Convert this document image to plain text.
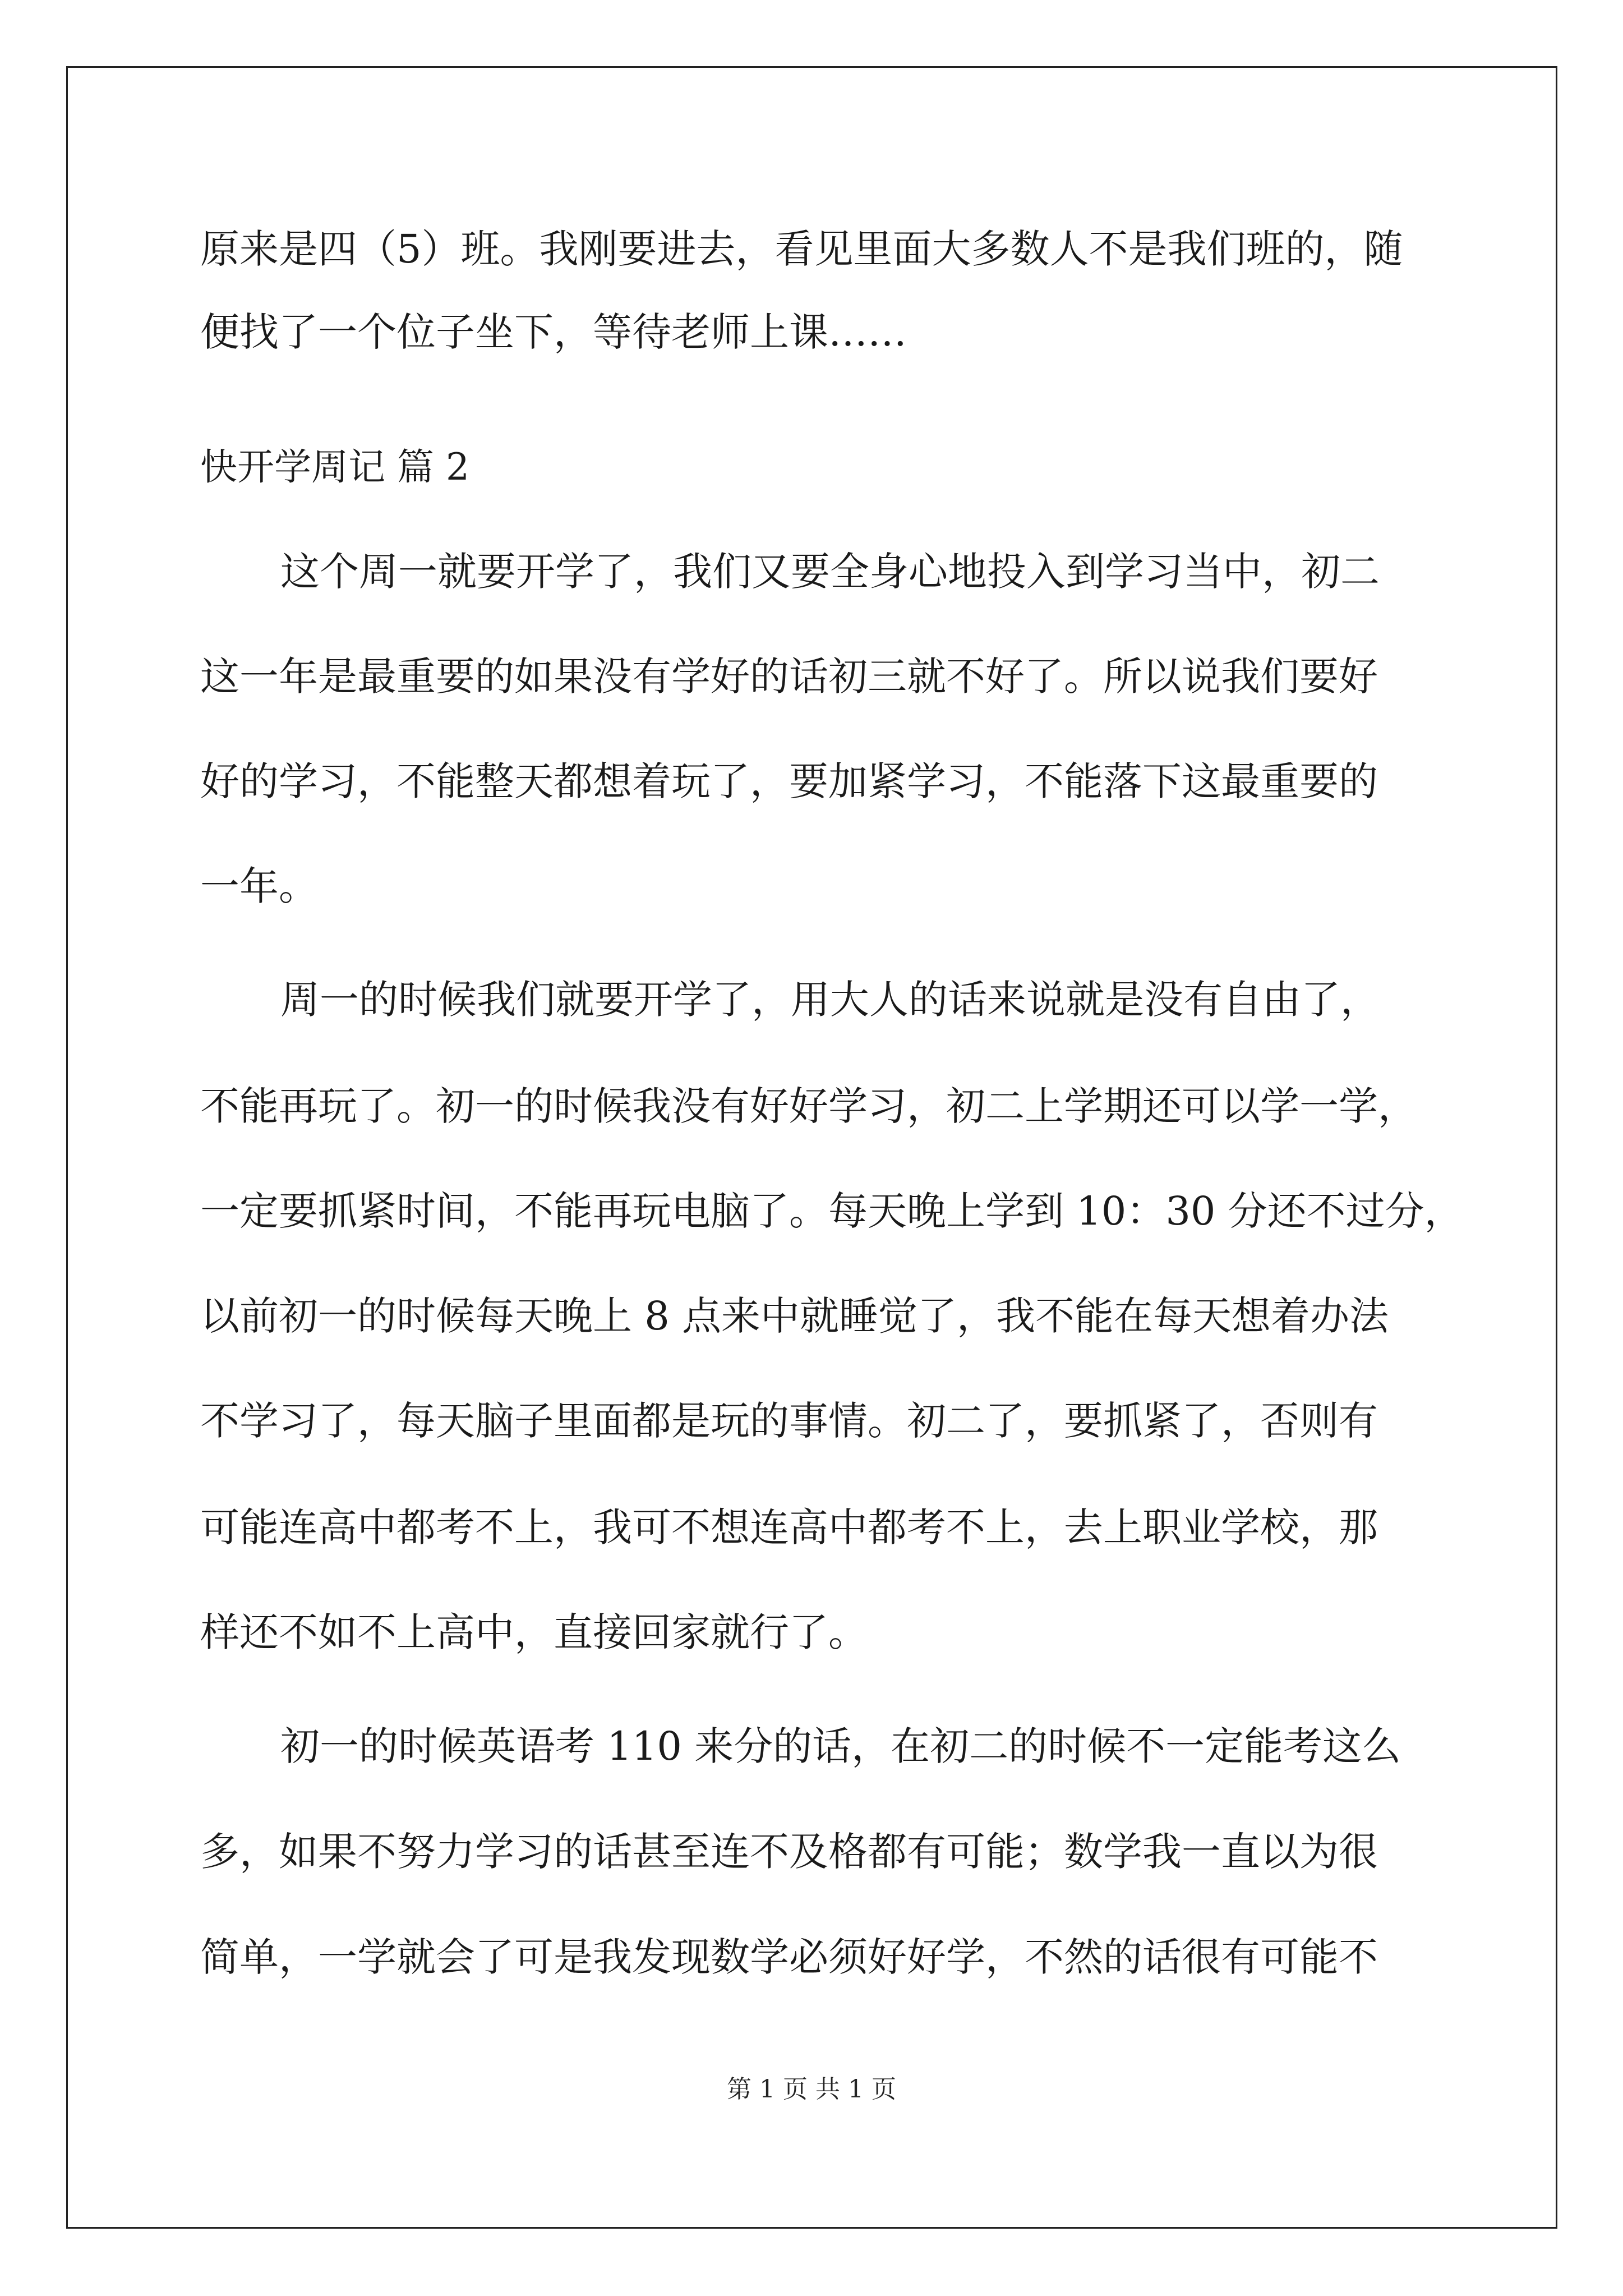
原来是四（5）班。我刚要进去，看见里面大多数人不是我们班的，随
便找了一个位子坐下，等待老师上课……
快开学周记 篇 2
这个周一就要开学了，我们又要全身心地投入到学习当中，初二
这一年是最重要的如果没有学好的话初三就不好了。所以说我们要好
好的学习，不能整天都想着玩了，要加紧学习，不能落下这最重要的
一年。
周一的时候我们就要开学了，用大人的话来说就是没有自由了，
不能再玩了。初一的时候我没有好好学习，初二上学期还可以学一学，
一定要抓紧时间，不能再玩电脑了。每天晚上学到 10：30 分还不过分，
以前初一的时候每天晚上 8 点来中就睡觉了，我不能在每天想着办法
不学习了，每天脑子里面都是玩的事情。初二了，要抓紧了，否则有
可能连高中都考不上，我可不想连高中都考不上，去上职业学校，那
样还不如不上高中，直接回家就行了。
初一的时候英语考 110 来分的话，在初二的时候不一定能考这么
多，如果不努力学习的话甚至连不及格都有可能；数学我一直以为很
简单，一学就会了可是我发现数学必须好好学，不然的话很有可能不
第 1 页 共 1 页
